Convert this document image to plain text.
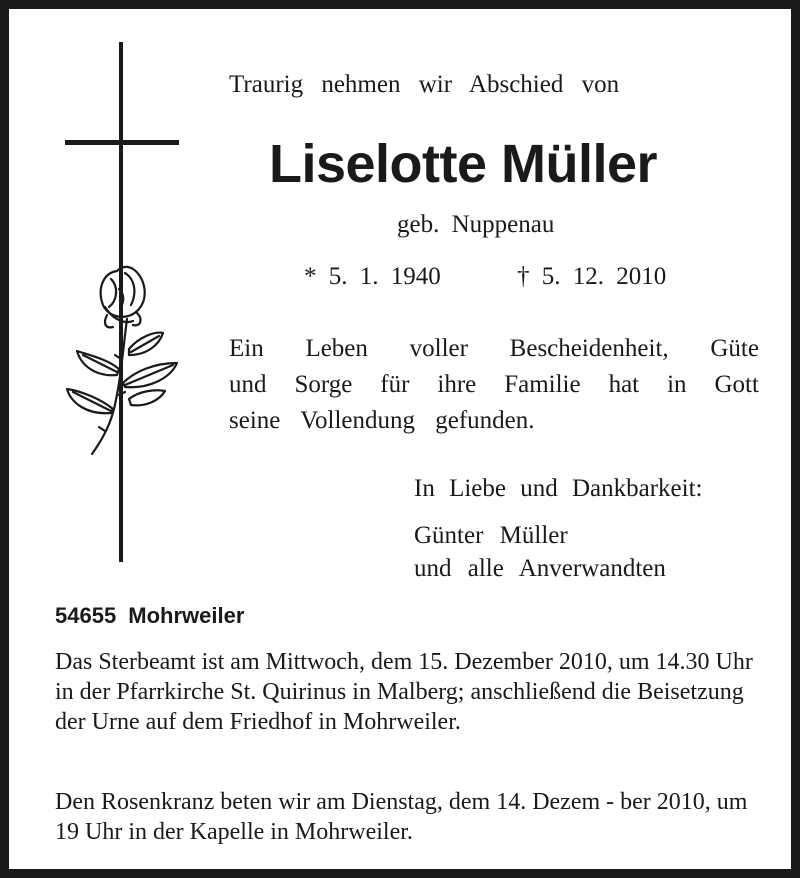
Traurig nehmen wir Abschied von
Liselotte Müller
geb. Nuppenau
* 5. 1. 1940	† 5. 12. 2010
Ein Leben voller Bescheidenheit, Güte
und Sorge für ihre Familie hat in Gott
seine Vollendung gefunden.
In Liebe und Dankbarkeit:
Günter Müller
und alle Anverwandten
54655 Mohrweiler
Das Sterbeamt ist am Mittwoch, dem 15. Dezember 2010, um 14.30 Uhr in der Pfarrkirche St. Quirinus in Malberg; anschließend die Beisetzung der Urne auf dem Friedhof in Mohrweiler.
Den Rosenkranz beten wir am Dienstag, dem 14. Dezem - ber 2010, um 19 Uhr in der Kapelle in Mohrweiler.
